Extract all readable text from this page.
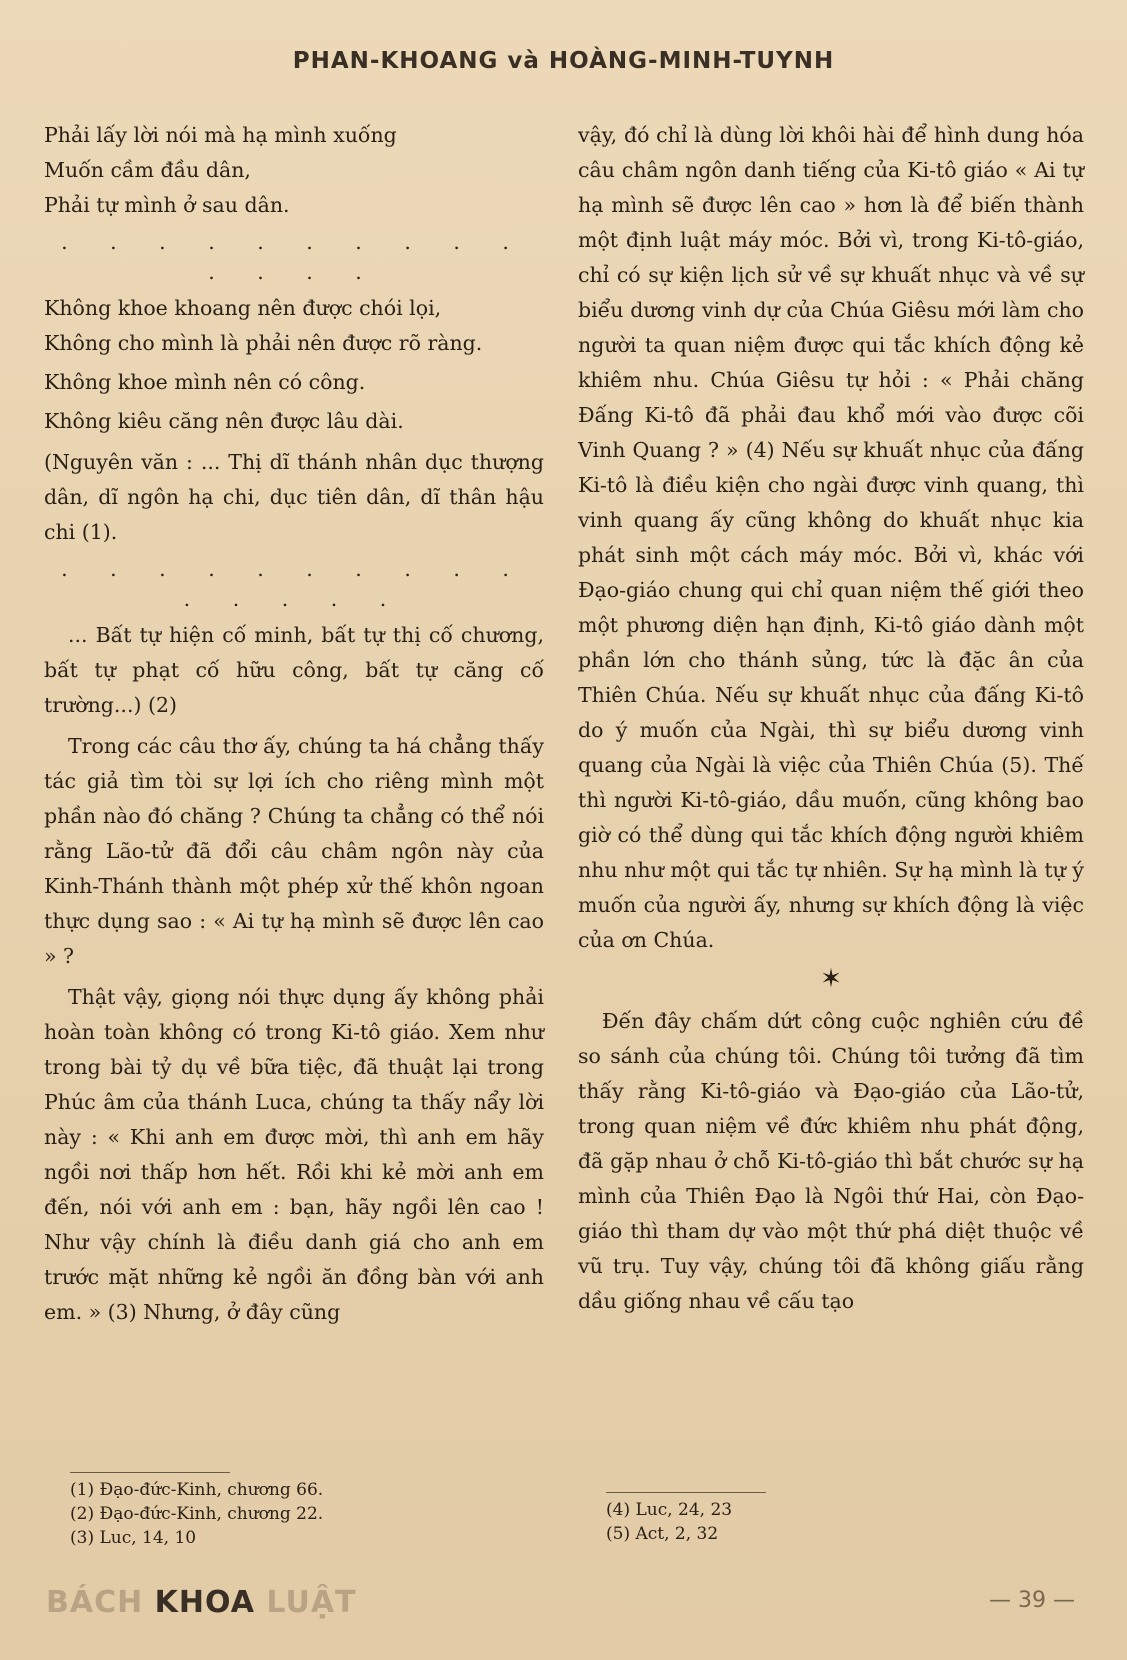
PHAN-KHOANG và HOÀNG-MINH-TUYNH

Phải lấy lời nói mà hạ mình xuống

Muốn cầm đầu dân,

Phải tự mình ở sau dân.

. . . . . . . . . . . . . .

Không khoe khoang nên được chói lọi,

Không cho mình là phải nên được rõ ràng.

Không khoe mình nên có công.

Không kiêu căng nên được lâu dài.

(Nguyên văn : ... Thị dĩ thánh nhân dục thượng dân, dĩ ngôn hạ chi, dục tiên dân, dĩ thân hậu chi (1).

. . . . . . . . . . . . . . .

... Bất tự hiện cố minh, bất tự thị cố chương, bất tự phạt cố hữu công, bất tự căng cố trường...) (2)

Trong các câu thơ ấy, chúng ta há chẳng thấy tác giả tìm tòi sự lợi ích cho riêng mình một phần nào đó chăng ? Chúng ta chẳng có thể nói rằng Lão-tử đã đổi câu châm ngôn này của Kinh-Thánh thành một phép xử thế khôn ngoan thực dụng sao : « Ai tự hạ mình sẽ được lên cao » ?

Thật vậy, giọng nói thực dụng ấy không phải hoàn toàn không có trong Ki-tô giáo. Xem như trong bài tỷ dụ về bữa tiệc, đã thuật lại trong Phúc âm của thánh Luca, chúng ta thấy nẩy lời này : « Khi anh em được mời, thì anh em hãy ngồi nơi thấp hơn hết. Rồi khi kẻ mời anh em đến, nói với anh em : bạn, hãy ngồi lên cao ! Như vậy chính là điều danh giá cho anh em trước mặt những kẻ ngồi ăn đồng bàn với anh em. » (3) Nhưng, ở đây cũng

vậy, đó chỉ là dùng lời khôi hài để hình dung hóa câu châm ngôn danh tiếng của Ki-tô giáo « Ai tự hạ mình sẽ được lên cao » hơn là để biến thành một định luật máy móc. Bởi vì, trong Ki-tô-giáo, chỉ có sự kiện lịch sử về sự khuất nhục và về sự biểu dương vinh dự của Chúa Giêsu mới làm cho người ta quan niệm được qui tắc khích động kẻ khiêm nhu. Chúa Giêsu tự hỏi : « Phải chăng Đấng Ki-tô đã phải đau khổ mới vào được cõi Vinh Quang ? » (4) Nếu sự khuất nhục của đấng Ki-tô là điều kiện cho ngài được vinh quang, thì vinh quang ấy cũng không do khuất nhục kia phát sinh một cách máy móc. Bởi vì, khác với Đạo-giáo chung qui chỉ quan niệm thế giới theo một phương diện hạn định, Ki-tô giáo dành một phần lớn cho thánh sủng, tức là đặc ân của Thiên Chúa. Nếu sự khuất nhục của đấng Ki-tô do ý muốn của Ngài, thì sự biểu dương vinh quang của Ngài là việc của Thiên Chúa (5). Thế thì người Ki-tô-giáo, dầu muốn, cũng không bao giờ có thể dùng qui tắc khích động người khiêm nhu như một qui tắc tự nhiên. Sự hạ mình là tự ý muốn của người ấy, nhưng sự khích động là việc của ơn Chúa.

✶

Đến đây chấm dứt công cuộc nghiên cứu đề so sánh của chúng tôi. Chúng tôi tưởng đã tìm thấy rằng Ki-tô-giáo và Đạo-giáo của Lão-tử, trong quan niệm về đức khiêm nhu phát động, đã gặp nhau ở chỗ Ki-tô-giáo thì bắt chước sự hạ mình của Thiên Đạo là Ngôi thứ Hai, còn Đạo-giáo thì tham dự vào một thứ phá diệt thuộc về vũ trụ. Tuy vậy, chúng tôi đã không giấu rằng dầu giống nhau về cấu tạo

(1) Đạo-đức-Kinh, chương 66.
(2) Đạo-đức-Kinh, chương 22.
(3) Luc, 14, 10
(4) Luc, 24, 23
(5) Act, 2, 32
BÁCH KHOA LUẬT	— 39 —
